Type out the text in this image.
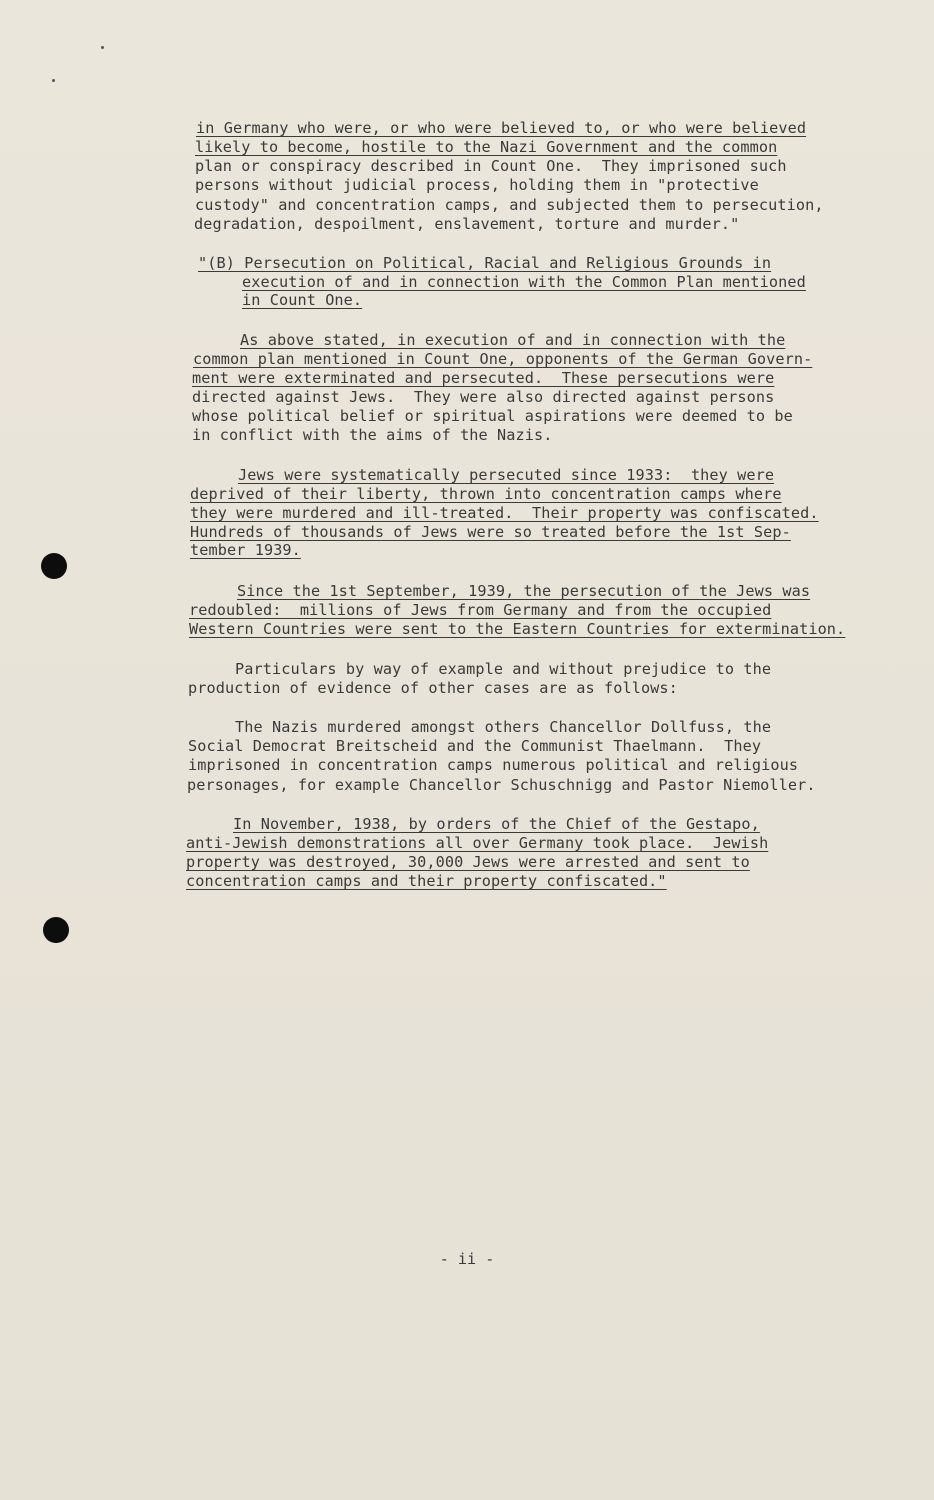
in Germany who were, or who were believed to, or who were believed
likely to become, hostile to the Nazi Government and the common
plan or conspiracy described in Count One.  They imprisoned such
persons without judicial process, holding them in "protective
custody" and concentration camps, and subjected them to persecution,
degradation, despoilment, enslavement, torture and murder."
"(B) Persecution on Political, Racial and Religious Grounds in
execution of and in connection with the Common Plan mentioned
in Count One.
As above stated, in execution of and in connection with the
common plan mentioned in Count One, opponents of the German Govern-
ment were exterminated and persecuted.  These persecutions were
directed against Jews.  They were also directed against persons
whose political belief or spiritual aspirations were deemed to be
in conflict with the aims of the Nazis.
Jews were systematically persecuted since 1933:  they were
deprived of their liberty, thrown into concentration camps where
they were murdered and ill-treated.  Their property was confiscated.
Hundreds of thousands of Jews were so treated before the 1st Sep-
tember 1939.
Since the 1st September, 1939, the persecution of the Jews was
redoubled:  millions of Jews from Germany and from the occupied
Western Countries were sent to the Eastern Countries for extermination.
Particulars by way of example and without prejudice to the
production of evidence of other cases are as follows:
The Nazis murdered amongst others Chancellor Dollfuss, the
Social Democrat Breitscheid and the Communist Thaelmann.  They
imprisoned in concentration camps numerous political and religious
personages, for example Chancellor Schuschnigg and Pastor Niemoller.
In November, 1938, by orders of the Chief of the Gestapo,
anti-Jewish demonstrations all over Germany took place.  Jewish
property was destroyed, 30,000 Jews were arrested and sent to
concentration camps and their property confiscated."
- ii -
